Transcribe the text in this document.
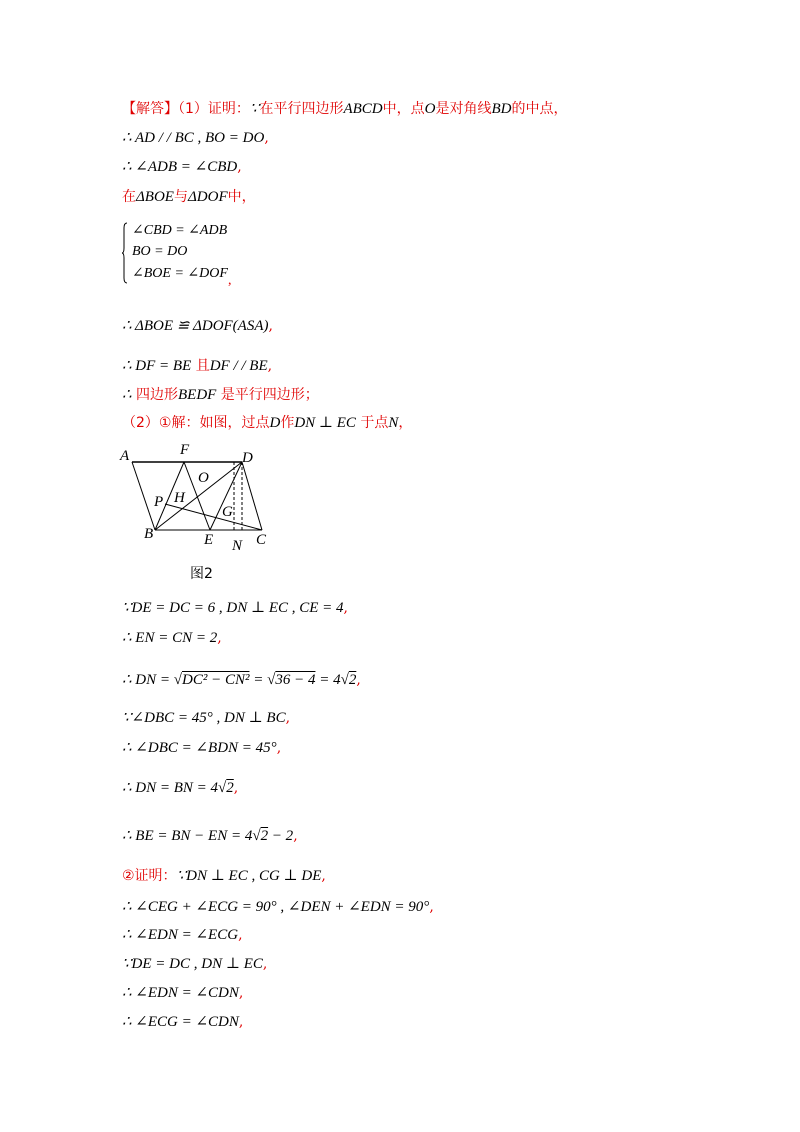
【解答】（1）证明：∵在平行四边形ABCD中，点O是对角线BD的中点，
∴ AD / / BC , BO = DO,
∴ ∠ADB = ∠CBD,
在ΔBOE与ΔDOF中，
∠CBD = ∠ADB
BO = DO
∠BOE = ∠DOF ,
∴ ΔBOE ≌ ΔDOF(ASA),
∴ DF = BE 且DF / / BE,
∴ 四边形BEDF 是平行四边形；
（2）①解：如图，过点D作DN ⊥ EC 于点N，
A	F	D
O
P H
G
B	E N C
图2
∵DE = DC = 6 , DN ⊥ EC , CE = 4,
∴ EN = CN = 2,
∴ DN = √DC² − CN² = √36 − 4 = 4√2,
∵∠DBC = 45° , DN ⊥ BC,
∴ ∠DBC = ∠BDN = 45°,
∴ DN = BN = 4√2,
∴ BE = BN − EN = 4√2 − 2,
②证明：∵DN ⊥ EC , CG ⊥ DE,
∴ ∠CEG + ∠ECG = 90° , ∠DEN + ∠EDN = 90°,
∴ ∠EDN = ∠ECG,
∵DE = DC , DN ⊥ EC,
∴ ∠EDN = ∠CDN,
∴ ∠ECG = ∠CDN,
